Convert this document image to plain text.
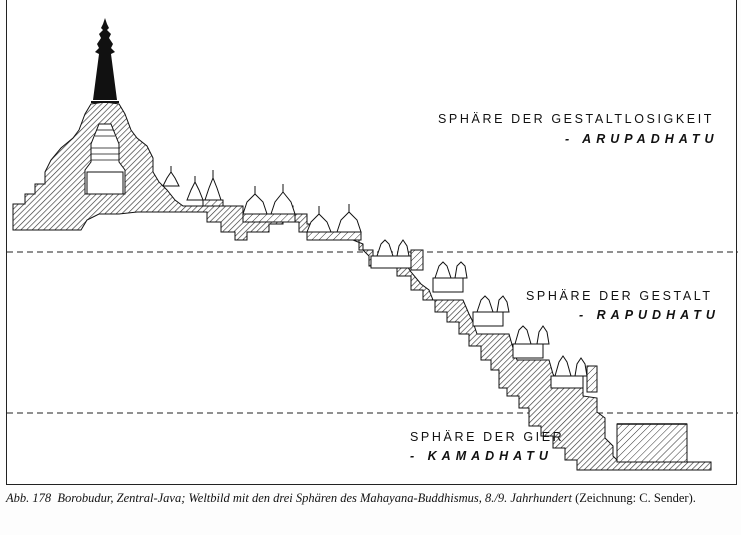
SPHÄRE DER GESTALTLOSIGKEIT
- ARUPADHATU
SPHÄRE DER GESTALT
- RAPUDHATU
SPHÄRE DER GIER
- KAMADHATU
Abb. 178 Borobudur, Zentral-Java; Weltbild mit den drei Sphären des Mahayana-Buddhismus, 8./9. Jahrhundert (Zeichnung: C. Sender).
